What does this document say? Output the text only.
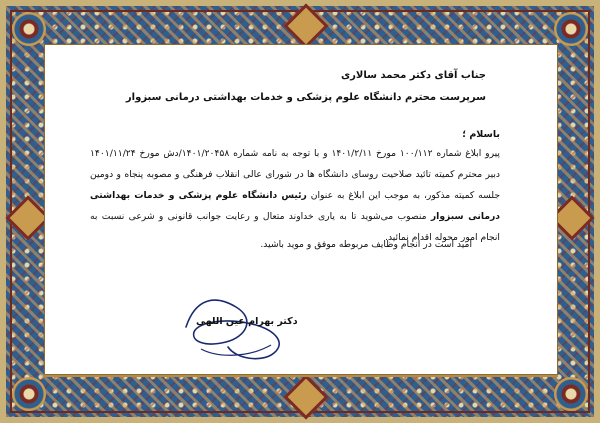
جناب آقای دکتر محمد سالاری
سرپرست محترم دانشگاه علوم پزشکی و خدمات بهداشتی درمانی سبزوار
باسلام ؛
پیرو ابلاغ شماره ۱۰۰/۱۱۲ مورخ ۱۴۰۱/۲/۱۱ و با توجه به نامه شماره ۱۴۰۱/۲۰۴۵۸/دش مورخ ۱۴۰۱/۱۱/۲۴ دبیر محترم کمیته تائید صلاحیت روسای دانشگاه ها در شورای عالی انقلاب فرهنگی و مصوبه پنجاه و دومین جلسه کمیته مذکور، به موجب این ابلاغ به عنوان رئیس دانشگاه علوم پزشکی و خدمات بهداشتی درمانی سبزوار منصوب می‌شوید تا به یاری خداوند متعال و رعایت جوانب قانونی و شرعی نسبت به انجام امور محوله اقدام نمائید.
امید است در انجام وظایف مربوطه موفق و موید باشید.
دکتر بهرام عین اللهی
